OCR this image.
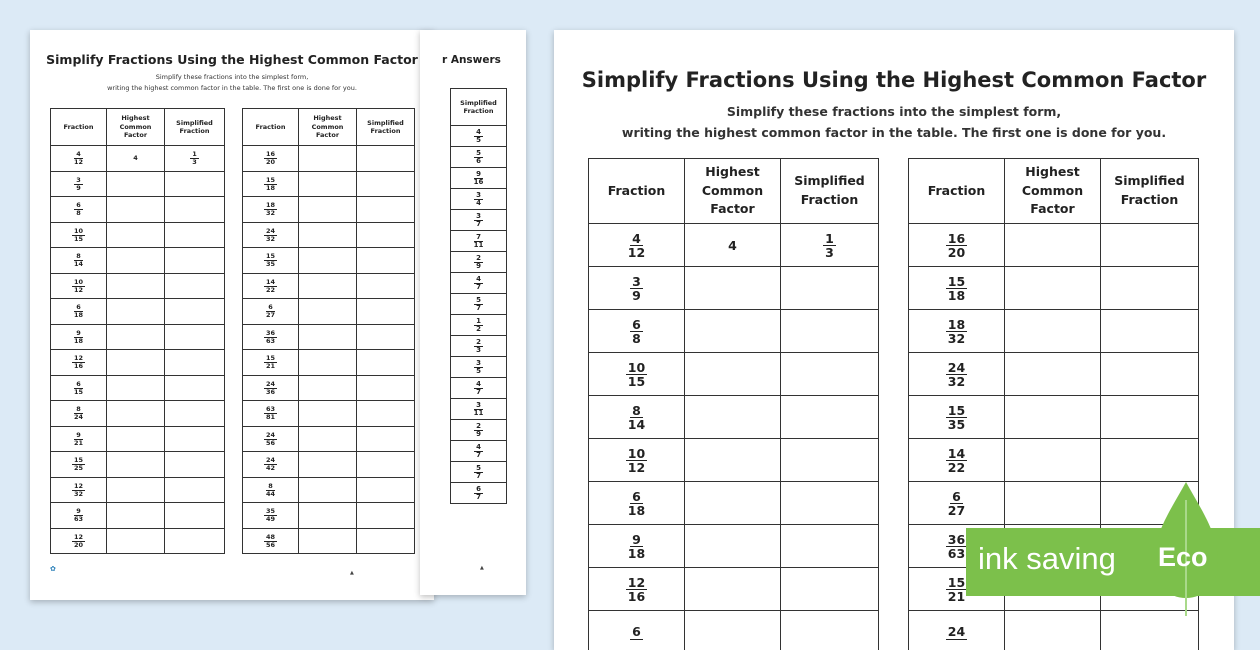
Simplify Fractions Using the Highest Common Factor
Simplify these fractions into the simplest form,
writing the highest common factor in the table. The first one is done for you.
Fraction	Highest Common Factor	Simplified Fraction

$\frac{4}{12}$	4	$\frac{1}{3}$

$\frac{3}{9}$

$\frac{6}{8}$

$\frac{10}{15}$

$\frac{8}{14}$

$\frac{10}{12}$

$\frac{6}{18}$

$\frac{9}{18}$

$\frac{12}{16}$

$\frac{6}{15}$

$\frac{8}{24}$

$\frac{9}{21}$

$\frac{15}{25}$

$\frac{12}{32}$

$\frac{9}{63}$

$\frac{12}{20}$

Fraction	Highest Common Factor	Simplified Fraction

$\frac{16}{20}$

$\frac{15}{18}$

$\frac{18}{32}$

$\frac{24}{32}$

$\frac{15}{35}$

$\frac{14}{22}$

$\frac{6}{27}$

$\frac{36}{63}$

$\frac{15}{21}$

$\frac{24}{36}$

$\frac{63}{81}$

$\frac{24}{56}$

$\frac{24}{42}$

$\frac{8}{44}$

$\frac{35}{49}$

$\frac{48}{56}$

✿	▲
r Answers
Simplified Fraction

$\frac{4}{5}$

$\frac{5}{6}$

$\frac{9}{16}$

$\frac{3}{4}$

$\frac{3}{7}$

$\frac{7}{11}$

$\frac{2}{9}$

$\frac{4}{7}$

$\frac{5}{7}$

$\frac{1}{2}$

$\frac{2}{3}$

$\frac{3}{5}$

$\frac{4}{7}$

$\frac{3}{11}$

$\frac{2}{9}$

$\frac{4}{7}$

$\frac{5}{7}$

$\frac{6}{7}$
▲
Simplify Fractions Using the Highest Common Factor
Simplify these fractions into the simplest form,
writing the highest common factor in the table. The first one is done for you.
Fraction	Highest Common Factor	Simplified Fraction

$\frac{4}{12}$	4	$\frac{1}{3}$

$\frac{3}{9}$

$\frac{6}{8}$

$\frac{10}{15}$

$\frac{8}{14}$

$\frac{10}{12}$

$\frac{6}{18}$

$\frac{9}{18}$

$\frac{12}{16}$

6		

Fraction	Highest Common Factor	Simplified Fraction

$\frac{16}{20}$

$\frac{15}{18}$

$\frac{18}{32}$

$\frac{24}{32}$

$\frac{15}{35}$

$\frac{14}{22}$

$\frac{6}{27}$

$\frac{36}{63}$

$\frac{15}{21}$

24		

ink saving Eco
